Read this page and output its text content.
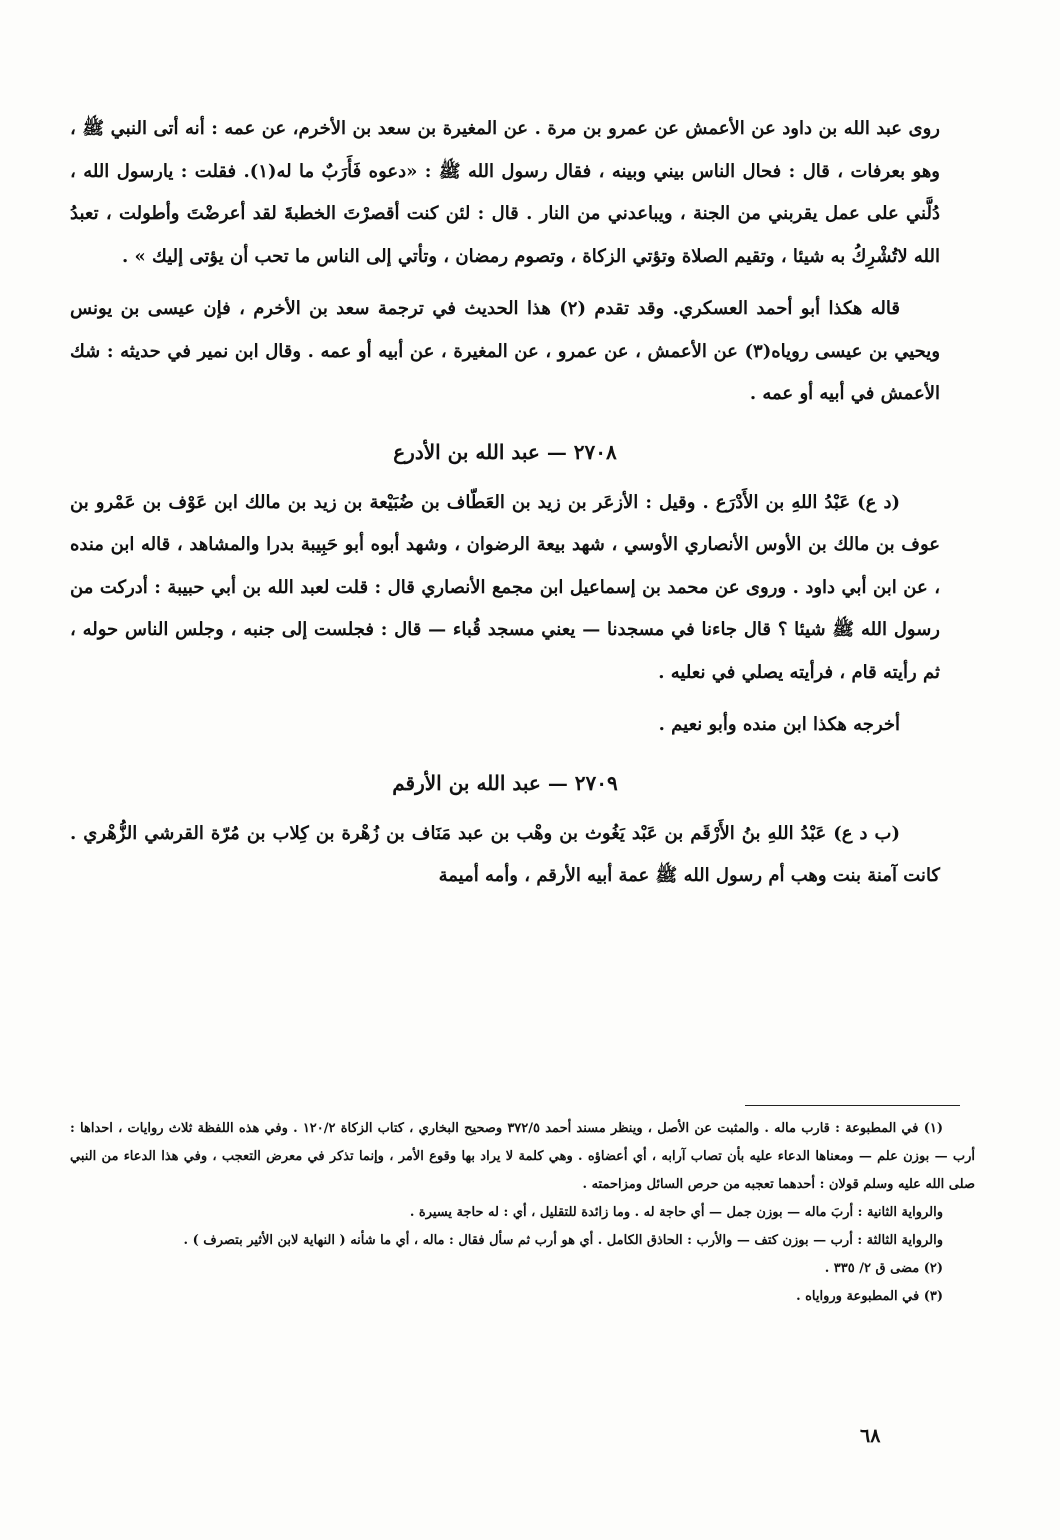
روى عبد الله بن داود عن الأعمش عن عمرو بن مرة . عن المغيرة بن سعد بن الأخرم، عن عمه : أنه أتى النبي ﷺ ، وهو بعرفات ، قال : فحال الناس بيني وبينه ، فقال رسول الله ﷺ : «دعوه فَأَرَبٌ ما له(١). فقلت : يارسول الله ، دُلَّني على عمل يقربني من الجنة ، ويباعدني من النار . قال : لئن كنت أقصرْتَ الخطبةَ لقد أعرضْتَ وأطولت ، تعبدُ الله لاتُشْرِكُ به شيئا ، وتقيم الصلاة وتؤتي الزكاة ، وتصوم رمضان ، وتأتي إلى الناس ما تحب أن يؤتى إليك » .

قاله هكذا أبو أحمد العسكري. وقد تقدم (٢) هذا الحديث في ترجمة سعد بن الأخرم ، فإن عيسى بن يونس ويحيي بن عيسى روياه(٣) عن الأعمش ، عن عمرو ، عن المغيرة ، عن أبيه أو عمه . وقال ابن نمير في حديثه : شك الأعمش في أبيه أو عمه .

٢٧٠٨ — عبد الله بن الأدرع

(د ع) عَبْدُ اللهِ بن الأَدْرَع . وقيل : الأزعَر بن زيد بن العَطّاف بن ضُبَيْعة بن زيد بن مالك ابن عَوْف بن عَمْرو بن عوف بن مالك بن الأوس الأنصاري الأوسي ، شهد بيعة الرضوان ، وشهد أبوه أبو حَبِيبة بدرا والمشاهد ، قاله ابن منده ، عن ابن أبي داود . وروى عن محمد بن إسماعيل ابن مجمع الأنصاري قال : قلت لعبد الله بن أبي حبيبة : أدركت من رسول الله ﷺ شيئا ؟ قال جاءنا في مسجدنا — يعني مسجد قُباء — قال : فجلست إلى جنبه ، وجلس الناس حوله ، ثم رأيته قام ، فرأيته يصلي في نعليه .

أخرجه هكذا ابن منده وأبو نعيم .

٢٧٠٩ — عبد الله بن الأرقم

(ب د ع) عَبْدُ اللهِ بنُ الأَرْقَم بن عَبْد يَغُوث بن وهْب بن عبد مَنَاف بن زُهْرة بن كِلاب بن مُرّة القرشي الزُّهْري . كانت آمنة بنت وهب أم رسول الله ﷺ عمة أبيه الأرقم ، وأمه أميمة

(١) في المطبوعة : قارب ماله . والمثبت عن الأصل ، وينظر مسند أحمد ٣٧٢/٥ وصحيح البخاري ، كتاب الزكاة ١٢٠/٢ . وفي هذه اللفظة ثلاث روايات ، احداها : أرب — بوزن علم — ومعناها الدعاء عليه بأن تصاب آرابه ، أي أعضاؤه . وهي كلمة لا يراد بها وقوع الأمر ، وإنما تذكر في معرض التعجب ، وفي هذا الدعاء من النبي صلى الله عليه وسلم قولان : أحدهما تعجبه من حرص السائل ومزاحمته .

والرواية الثانية : أربَ ماله — بوزن جمل — أي حاجة له . وما زائدة للتقليل ، أي : له حاجة يسيرة .

والرواية الثالثة : أرب — بوزن كتف — والأرب : الحاذق الكامل . أي هو أرب ثم سأل فقال : ماله ، أي ما شأنه ( النهاية لابن الأثير بتصرف ) .

(٢) مضى ق ٢/ ٣٣٥ .

(٣) في المطبوعة ورواياه .

٦٨
